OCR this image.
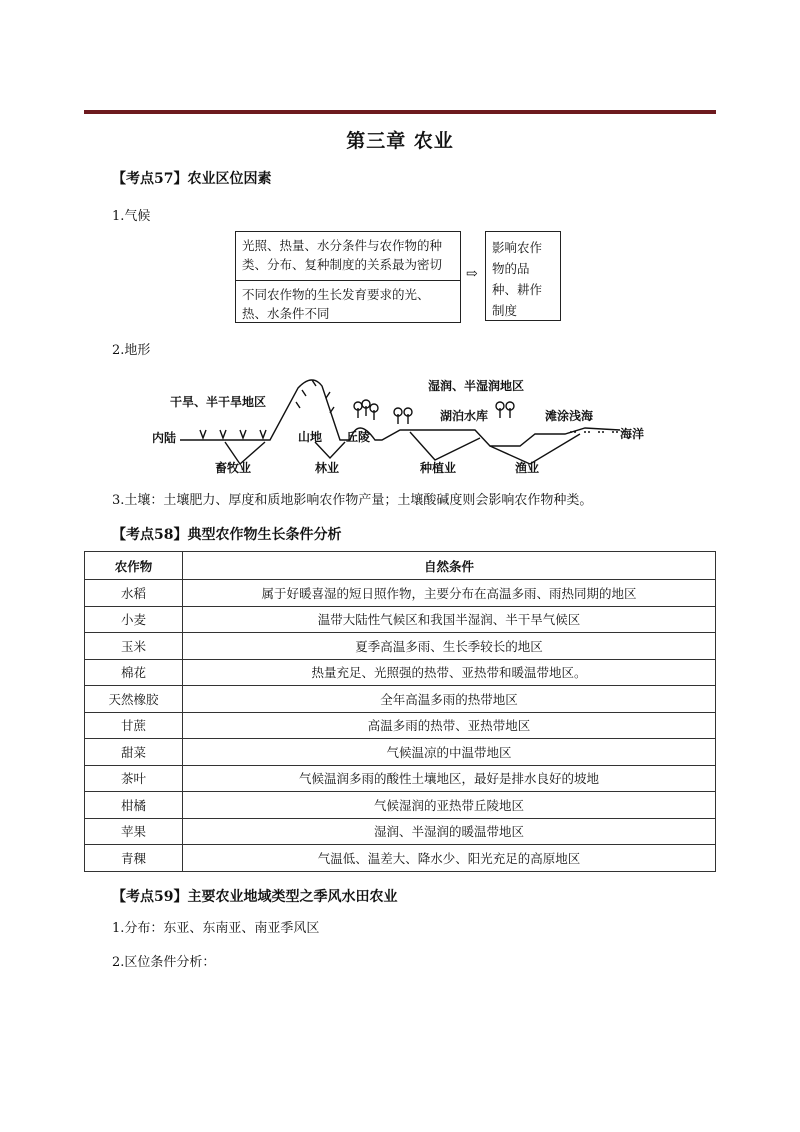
第三章 农业
【考点57】农业区位因素
1.气候
光照、热量、水分条件与农作物的种类、分布、复种制度的关系最为密切
不同农作物的生长发育要求的光、热、水条件不同
⇨
影响农作物的品种、耕作制度
2.地形
干旱、半干旱地区
湿润、半湿润地区
内陆	山地 丘陵
湖泊水库	滩涂浅海
海洋
畜牧业	林业	种植业	渔业
3.土壤：土壤肥力、厚度和质地影响农作物产量；土壤酸碱度则会影响农作物种类。
【考点58】典型农作物生长条件分析
农作物	自然条件
水稻	属于好暖喜湿的短日照作物，主要分布在高温多雨、雨热同期的地区
小麦	温带大陆性气候区和我国半湿润、半干旱气候区
玉米	夏季高温多雨、生长季较长的地区
棉花	热量充足、光照强的热带、亚热带和暖温带地区。
天然橡胶	全年高温多雨的热带地区
甘蔗	高温多雨的热带、亚热带地区
甜菜	气候温凉的中温带地区
茶叶	气候温润多雨的酸性土壤地区，最好是排水良好的坡地
柑橘	气候湿润的亚热带丘陵地区
苹果	湿润、半湿润的暖温带地区
青稞	气温低、温差大、降水少、阳光充足的高原地区
【考点59】主要农业地域类型之季风水田农业
1.分布：东亚、东南亚、南亚季风区
2.区位条件分析：
